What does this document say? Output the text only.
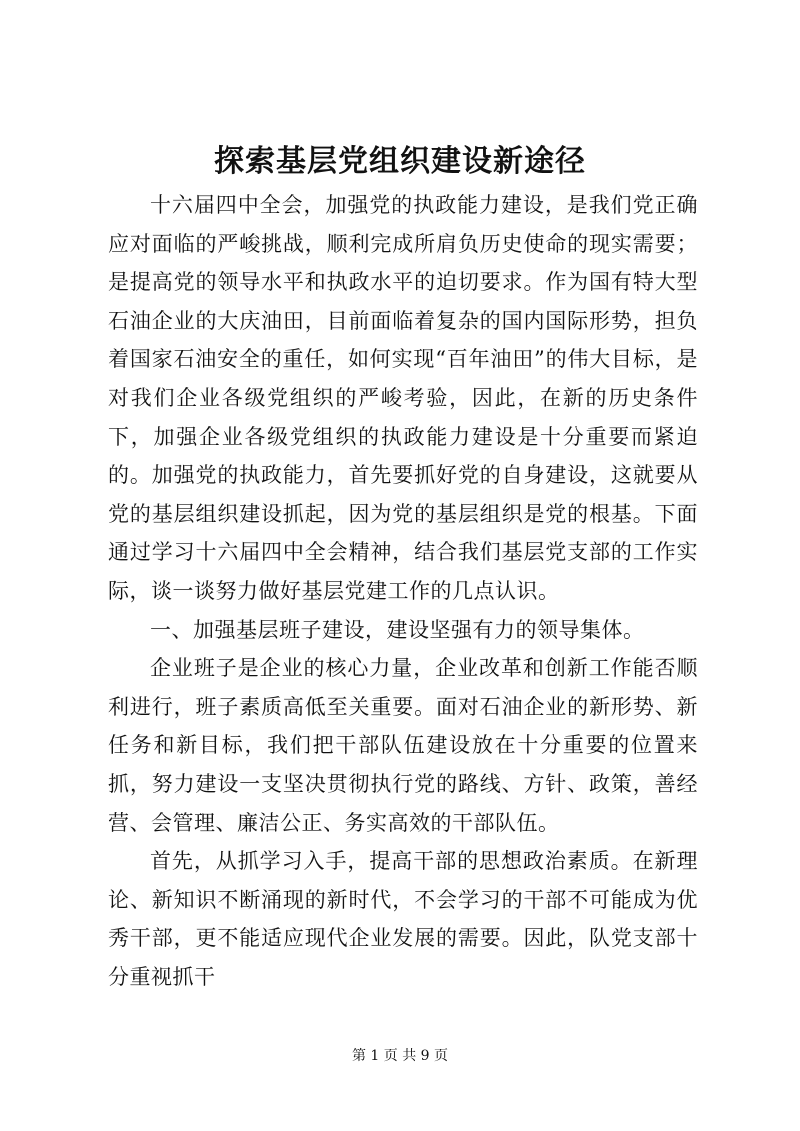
探索基层党组织建设新途径

十六届四中全会，加强党的执政能力建设，是我们党正确应对面临的严峻挑战，顺利完成所肩负历史使命的现实需要；是提高党的领导水平和执政水平的迫切要求。作为国有特大型石油企业的大庆油田，目前面临着复杂的国内国际形势，担负着国家石油安全的重任，如何实现“百年油田”的伟大目标，是对我们企业各级党组织的严峻考验，因此，在新的历史条件下，加强企业各级党组织的执政能力建设是十分重要而紧迫的。加强党的执政能力，首先要抓好党的自身建设，这就要从党的基层组织建设抓起，因为党的基层组织是党的根基。下面通过学习十六届四中全会精神，结合我们基层党支部的工作实际，谈一谈努力做好基层党建工作的几点认识。

一、加强基层班子建设，建设坚强有力的领导集体。

企业班子是企业的核心力量，企业改革和创新工作能否顺利进行，班子素质高低至关重要。面对石油企业的新形势、新任务和新目标，我们把干部队伍建设放在十分重要的位置来抓，努力建设一支坚决贯彻执行党的路线、方针、政策，善经营、会管理、廉洁公正、务实高效的干部队伍。

首先，从抓学习入手，提高干部的思想政治素质。在新理论、新知识不断涌现的新时代，不会学习的干部不可能成为优秀干部，更不能适应现代企业发展的需要。因此，队党支部十分重视抓干

第 1 页 共 9 页
